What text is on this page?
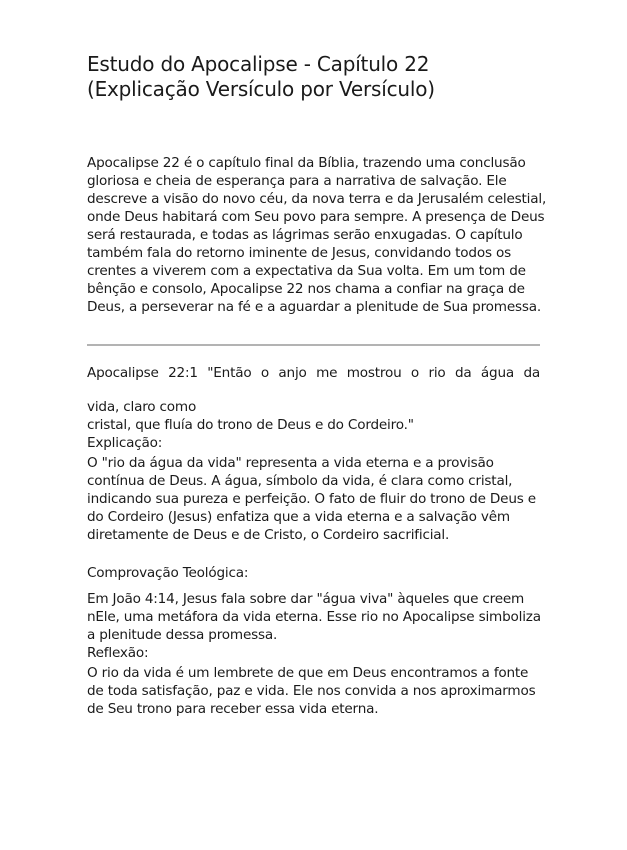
Estudo do Apocalipse - Capítulo 22
(Explicação Versículo por Versículo)

Apocalipse 22 é o capítulo final da Bíblia, trazendo uma conclusão gloriosa e cheia de esperança para a narrativa de salvação. Ele descreve a visão do novo céu, da nova terra e da Jerusalém celestial, onde Deus habitará com Seu povo para sempre. A presença de Deus será restaurada, e todas as lágrimas serão enxugadas. O capítulo também fala do retorno iminente de Jesus, convidando todos os crentes a viverem com a expectativa da Sua volta. Em um tom de bênção e consolo, Apocalipse 22 nos chama a confiar na graça de Deus, a perseverar na fé e a aguardar a plenitude de Sua promessa.

Apocalipse 22:1 "Então o anjo me mostrou o rio da água da
vida, claro como
cristal, que fluía do trono de Deus e do Cordeiro."

Explicação:

O "rio da água da vida" representa a vida eterna e a provisão contínua de Deus. A água, símbolo da vida, é clara como cristal, indicando sua pureza e perfeição. O fato de fluir do trono de Deus e do Cordeiro (Jesus) enfatiza que a vida eterna e a salvação vêm diretamente de Deus e de Cristo, o Cordeiro sacrificial.

Comprovação Teológica:

Em João 4:14, Jesus fala sobre dar "água viva" àqueles que creem nEle, uma metáfora da vida eterna. Esse rio no Apocalipse simboliza a plenitude dessa promessa.

Reflexão:

O rio da vida é um lembrete de que em Deus encontramos a fonte de toda satisfação, paz e vida. Ele nos convida a nos aproximarmos de Seu trono para receber essa vida eterna.
